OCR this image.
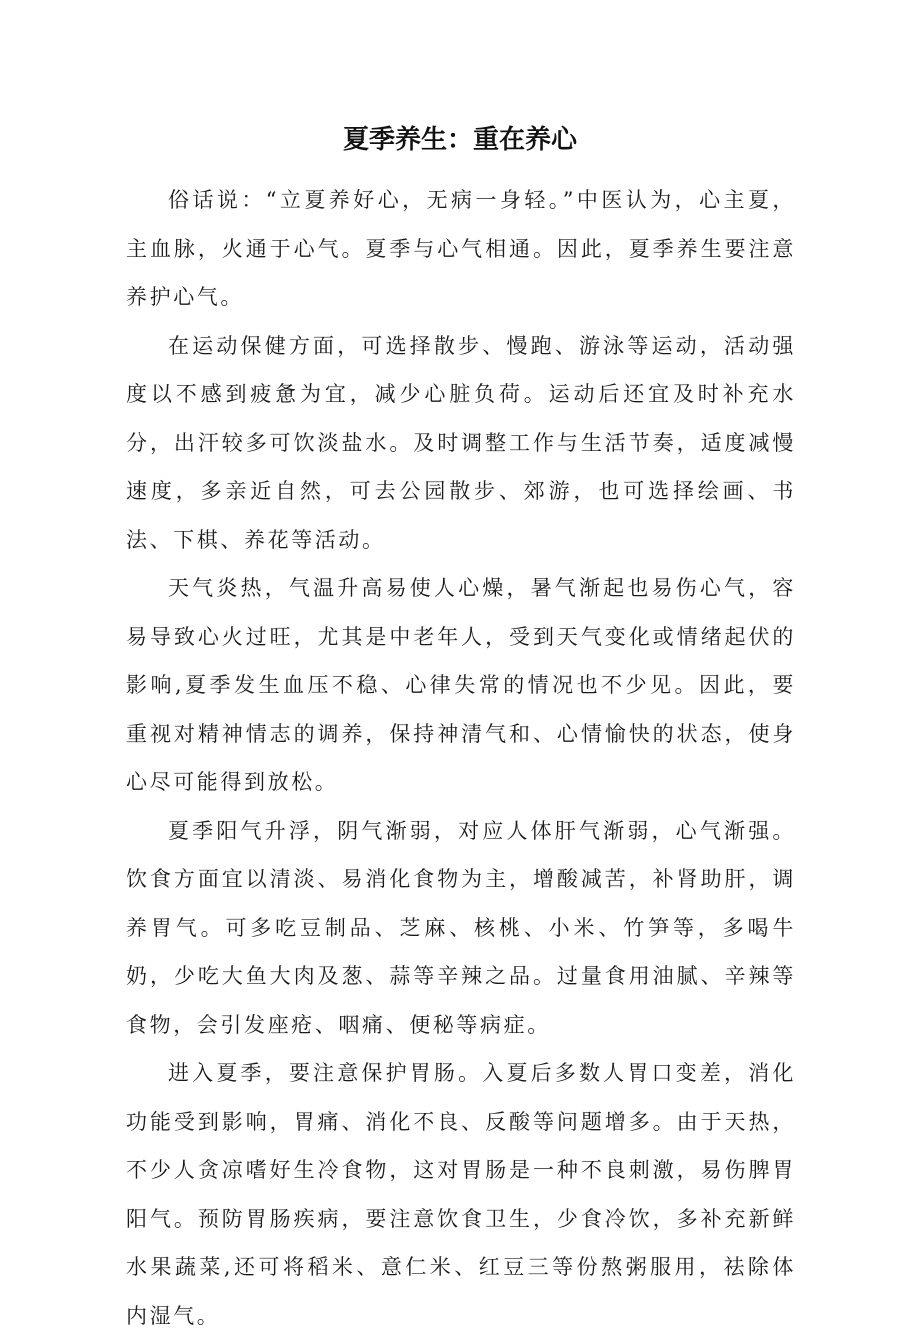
夏季养生：重在养心

俗话说：“立夏养好心，无病一身轻。”中医认为，心主夏，主血脉，火通于心气。夏季与心气相通。因此，夏季养生要注意养护心气。

在运动保健方面，可选择散步、慢跑、游泳等运动，活动强度以不感到疲惫为宜，减少心脏负荷。运动后还宜及时补充水分，出汗较多可饮淡盐水。及时调整工作与生活节奏，适度减慢速度，多亲近自然，可去公园散步、郊游，也可选择绘画、书法、下棋、养花等活动。

天气炎热，气温升高易使人心燥，暑气渐起也易伤心气，容易导致心火过旺，尤其是中老年人，受到天气变化或情绪起伏的影响,夏季发生血压不稳、心律失常的情况也不少见。因此，要重视对精神情志的调养，保持神清气和、心情愉快的状态，使身心尽可能得到放松。

夏季阳气升浮，阴气渐弱，对应人体肝气渐弱，心气渐强。饮食方面宜以清淡、易消化食物为主，增酸减苦，补肾助肝，调养胃气。可多吃豆制品、芝麻、核桃、小米、竹笋等，多喝牛奶，少吃大鱼大肉及葱、蒜等辛辣之品。过量食用油腻、辛辣等食物，会引发座疮、咽痛、便秘等病症。

进入夏季，要注意保护胃肠。入夏后多数人胃口变差，消化功能受到影响，胃痛、消化不良、反酸等问题增多。由于天热，不少人贪凉嗜好生冷食物，这对胃肠是一种不良刺激，易伤脾胃阳气。预防胃肠疾病，要注意饮食卫生，少食冷饮，多补充新鲜水果蔬菜,还可将稻米、意仁米、红豆三等份熬粥服用，祛除体内湿气。
